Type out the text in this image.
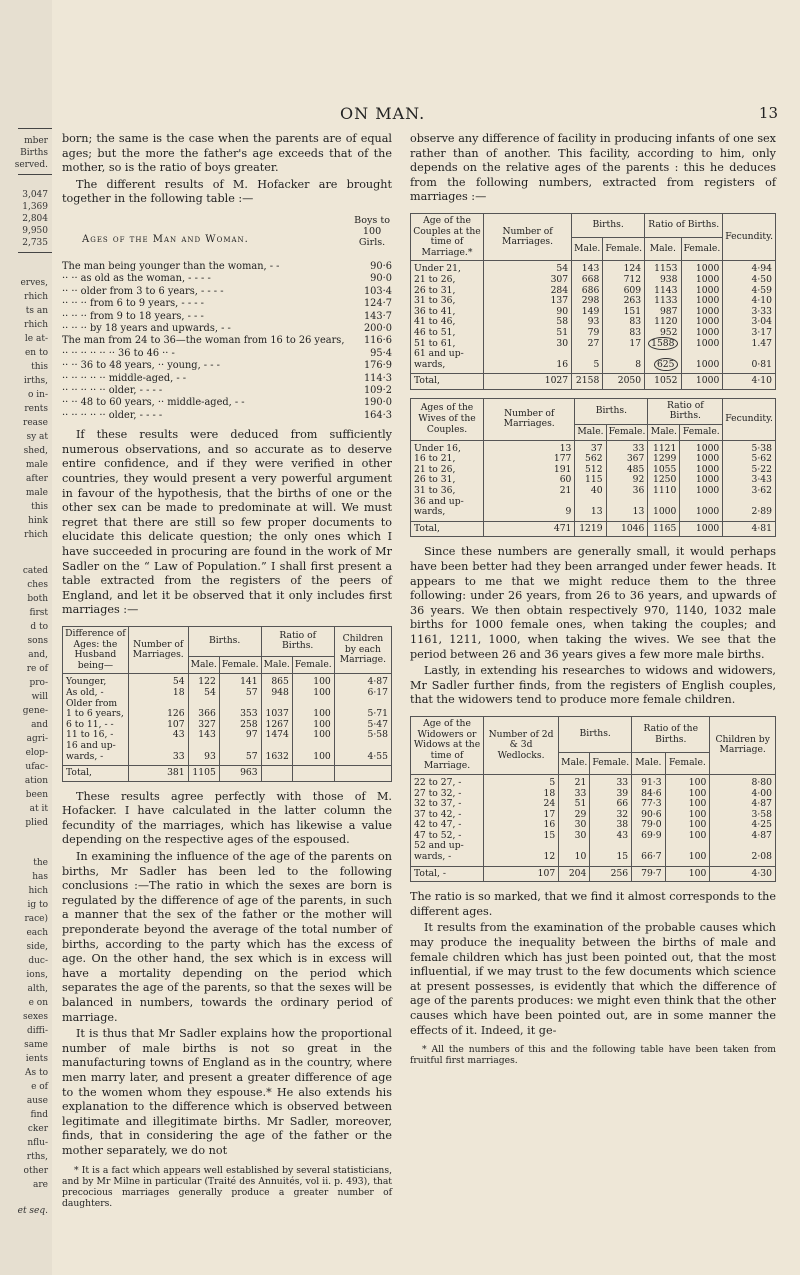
mber
Births
served.
3,047
1,369
2,804
9,950
2,735
erves,
rhich
ts an
rhich
le at-
en to
this
irths,
o in-
rents
rease
sy at
shed,
male
after
male
this
hink
rhich
cated
ches
both
first
d to
sons
and,
re of
pro-
will
gene-
and
agri-
elop-
ufac-
ation
been
at it
plied
the
has
hich
ig to
race)
each
side,
duc-
ions,
alth,
e on
sexes
diffi-
same
ients
As to
e of
ause
find
cker
nflu-
rths,
other
are
et seq.
ON MAN.	13

born; the same is the case when the parents are of equal ages; but the more the father's age exceeds that of the mother, so is the ratio of boys greater.

The different results of M. Hofacker are brought together in the following table :—

Ages of the Man and Woman.
Boys to
100
Girls.
The man being younger than the woman, - -	90·6
·· ·· as old as the woman, - - - -	90·0
·· ·· older from 3 to 6 years, - - - -	103·4
·· ·· ·· from 6 to 9 years, - - - -	124·7
·· ·· ·· from 9 to 18 years, - - -	143·7
·· ·· ·· by 18 years and upwards, - -	200·0
The man from 24 to 36—the woman from 16 to 26 years,	116·6
·· ·· ·· ·· ·· ·· 36 to 46 ·· -	95·4
·· ·· 36 to 48 years, ·· young, - - -	176·9
·· ·· ·· ·· ·· middle-aged, - -	114·3
·· ·· ·· ·· ·· older, - - - -	109·2
·· ·· 48 to 60 years, ·· middle-aged, - -	190·0
·· ·· ·· ·· ·· older, - - - -	164·3

If these results were deduced from sufficiently numerous observations, and so accurate as to deserve entire confidence, and if they were verified in other countries, they would present a very powerful argument in favour of the hypothesis, that the births of one or the other sex can be made to predominate at will. We must regret that there are still so few proper documents to elucidate this delicate question; the only ones which I have succeeded in procuring are found in the work of Mr Sadler on the “ Law of Population.” I shall first present a table extracted from the registers of the peers of England, and let it be observed that it only includes first marriages :—

Difference of Ages: the Husband being—	Number of Marriages.	Births.		Ratio of Births.		Children by each Marriage.
		Male.	Female.	Male.	Female.	
Younger,	54	122	141	865	100	4·87
As old, -	18	54	57	948	100	6·17
Older from						
1 to 6 years,	126	366	353	1037	100	5·71
6 to 11, - -	107	327	258	1267	100	5·47
11 to 16, -	43	143	97	1474	100	5·58
16 and up-						
wards, -	33	93	57	1632	100	4·55
Total,	381	1105	963			

These results agree perfectly with those of M. Hofacker. I have calculated in the latter column the fecundity of the marriages, which has likewise a value depending on the respective ages of the espoused.

In examining the influence of the age of the parents on births, Mr Sadler has been led to the following conclusions :—The ratio in which the sexes are born is regulated by the difference of age of the parents, in such a manner that the sex of the father or the mother will preponderate beyond the average of the total number of births, according to the party which has the excess of age. On the other hand, the sex which is in excess will have a mortality depending on the period which separates the age of the parents, so that the sexes will be balanced in numbers, towards the ordinary period of marriage.

It is thus that Mr Sadler explains how the proportional number of male births is not so great in the manufacturing towns of England as in the country, where men marry later, and present a greater difference of age to the women whom they espouse.* He also extends his explanation to the difference which is observed between legitimate and illegitimate births. Mr Sadler, moreover, finds, that in considering the age of the father or the mother separately, we do not

* It is a fact which appears well established by several statisticians, and by Mr Milne in particular (Traité des Annuités, vol ii. p. 493), that precocious marriages generally produce a greater number of daughters.

observe any difference of facility in producing infants of one sex rather than of another. This facility, according to him, only depends on the relative ages of the parents : this he deduces from the following numbers, extracted from registers of marriages :—

Age of the Couples at the time of Marriage.*	Number of Marriages.	Births.		Ratio of Births.		Fecundity.
		Male.	Female.	Male.	Female.	
Under 21,	54	143	124	1153	1000	4·94
21 to 26,	307	668	712	938	1000	4·50
26 to 31,	284	686	609	1143	1000	4·59
31 to 36,	137	298	263	1133	1000	4·10
36 to 41,	90	149	151	987	1000	3·33
41 to 46,	58	93	83	1120	1000	3·04
46 to 51,	51	79	83	952	1000	3·17
51 to 61,	30	27	17	1588	1000	1.47
61 and up-						
wards,	16	5	8	625	1000	0·81
Total,	1027	2158	2050	1052	1000	4·10
Ages of the Wives of the Couples.	Number of Marriages.	Births.		Ratio of Births.		Fecundity.
		Male.	Female.	Male.	Female.	
Under 16,	13	37	33	1121	1000	5·38
16 to 21,	177	562	367	1299	1000	5·62
21 to 26,	191	512	485	1055	1000	5·22
26 to 31,	60	115	92	1250	1000	3·43
31 to 36,	21	40	36	1110	1000	3·62
36 and up-						
wards,	9	13	13	1000	1000	2·89
Total,	471	1219	1046	1165	1000	4·81

Since these numbers are generally small, it would perhaps have been better had they been arranged under fewer heads. It appears to me that we might reduce them to the three following: under 26 years, from 26 to 36 years, and upwards of 36 years. We then obtain respectively 970, 1140, 1032 male births for 1000 female ones, when taking the couples; and 1161, 1211, 1000, when taking the wives. We see that the period between 26 and 36 years gives a few more male births.

Lastly, in extending his researches to widows and widowers, Mr Sadler further finds, from the registers of English couples, that the widowers tend to produce more female children.

Age of the Widowers or Widows at the time of Marriage.	Number of 2d & 3d Wedlocks.	Births.		Ratio of the Births.		Children by Marriage.
		Male.	Female.	Male.	Female.	
22 to 27, -	5	21	33	91·3	100	8·80
27 to 32, -	18	33	39	84·6	100	4·00
32 to 37, -	24	51	66	77·3	100	4·87
37 to 42, -	17	29	32	90·6	100	3·58
42 to 47, -	16	30	38	79·0	100	4·25
47 to 52, -	15	30	43	69·9	100	4·87
52 and up-						
wards, -	12	10	15	66·7	100	2·08
Total, -	107	204	256	79·7	100	4·30

The ratio is so marked, that we find it almost corresponds to the different ages.

It results from the examination of the probable causes which may produce the inequality between the births of male and female children which has just been pointed out, that the most influential, if we may trust to the few documents which science at present possesses, is evidently that which the difference of age of the parents produces: we might even think that the other causes which have been pointed out, are in some manner the effects of it. Indeed, it ge-

* All the numbers of this and the following table have been taken from fruitful first marriages.
